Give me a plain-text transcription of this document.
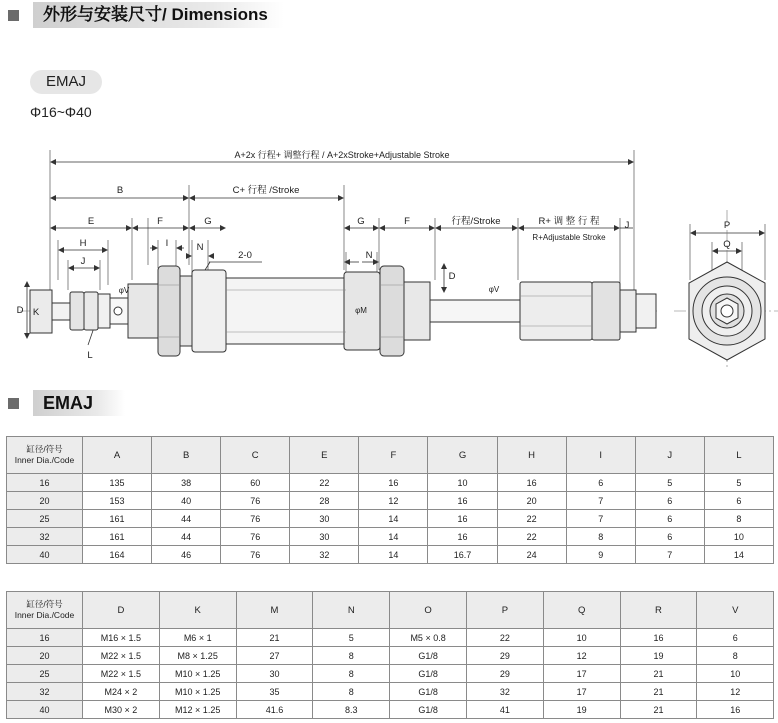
外形与安装尺寸/ Dimensions
EMAJ
Φ16~Φ40
A+2x 行程+ 调整行程 / A+2xStroke+Adjustable Stroke
B	C+ 行程 /Stroke
E	F	G
H
J
I	N
2-0
G
N
F	行程/Stroke	R+ 调 整 行 程
R+Adjustable Stroke
J
D K
φV
L
φM
D
φV
P
Q
EMAJ
缸径/符号
Inner Dia./Code	A	B	C	E	F	G	H	I	J	L
16	135	38	60	22	16	10	16	6	5	5
20	153	40	76	28	12	16	20	7	6	6
25	161	44	76	30	14	16	22	7	6	8
32	161	44	76	30	14	16	22	8	6	10
40	164	46	76	32	14	16.7	24	9	7	14
缸径/符号
Inner Dia./Code	D	K	M	N	O	P	Q	R	V
16	M16 × 1.5	M6 × 1	21	5	M5 × 0.8	22	10	16	6
20	M22 × 1.5	M8 × 1.25	27	8	G1/8	29	12	19	8
25	M22 × 1.5	M10 × 1.25	30	8	G1/8	29	17	21	10
32	M24 × 2	M10 × 1.25	35	8	G1/8	32	17	21	12
40	M30 × 2	M12 × 1.25	41.6	8.3	G1/8	41	19	21	16
